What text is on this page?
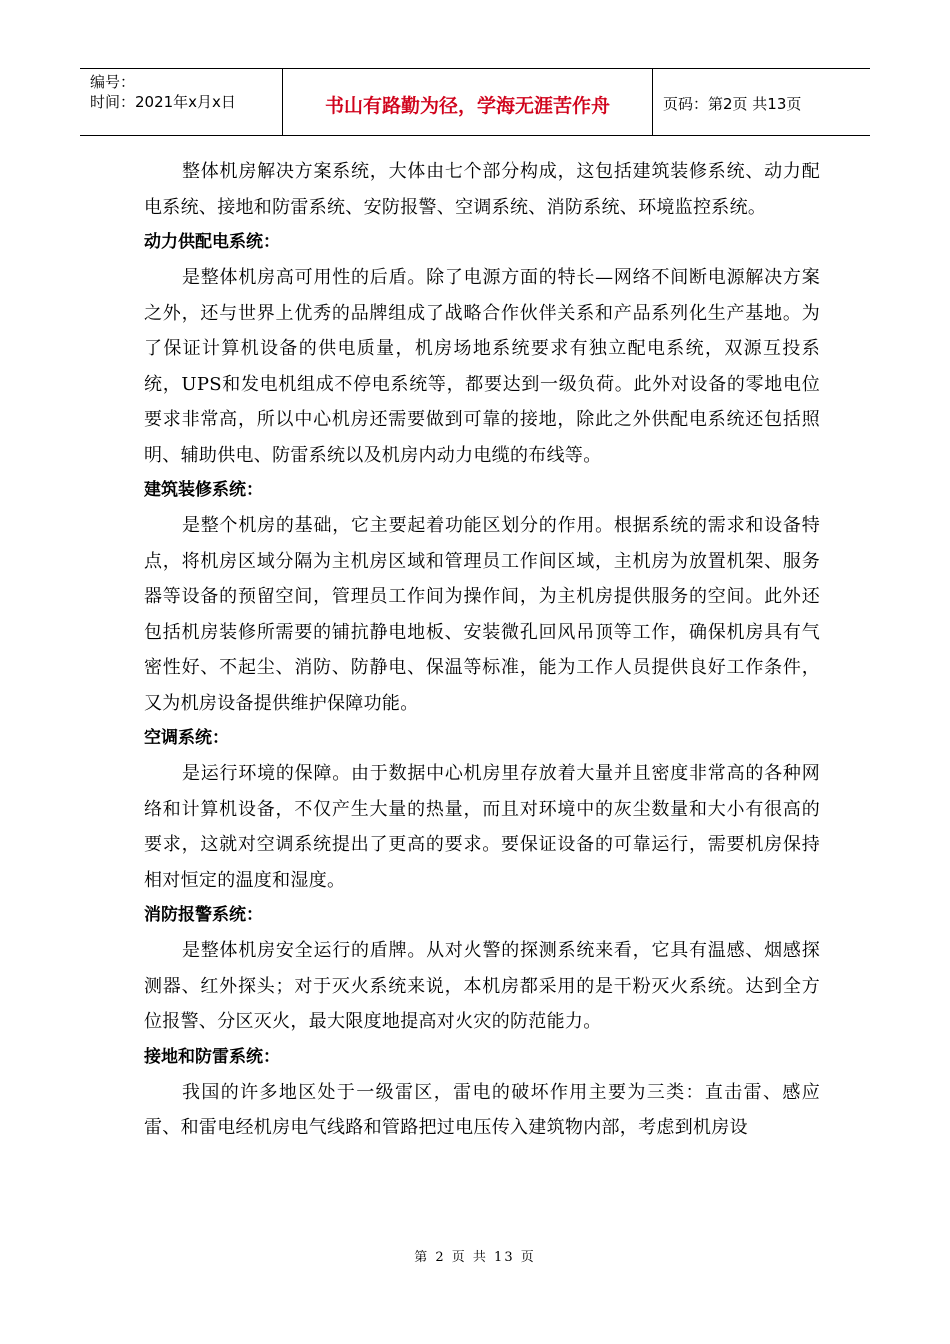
编号：
时间：2021年x月x日	书山有路勤为径，学海无涯苦作舟	页码：第2页 共13页

整体机房解决方案系统，大体由七个部分构成，这包括建筑装修系统、动力配电系统、接地和防雷系统、安防报警、空调系统、消防系统、环境监控系统。

动力供配电系统：

是整体机房高可用性的后盾。除了电源方面的特长—网络不间断电源解决方案之外，还与世界上优秀的品牌组成了战略合作伙伴关系和产品系列化生产基地。为了保证计算机设备的供电质量，机房场地系统要求有独立配电系统，双源互投系统，UPS和发电机组成不停电系统等，都要达到一级负荷。此外对设备的零地电位要求非常高，所以中心机房还需要做到可靠的接地，除此之外供配电系统还包括照明、辅助供电、防雷系统以及机房内动力电缆的布线等。

建筑装修系统：

是整个机房的基础，它主要起着功能区划分的作用。根据系统的需求和设备特点，将机房区域分隔为主机房区域和管理员工作间区域，主机房为放置机架、服务器等设备的预留空间，管理员工作间为操作间，为主机房提供服务的空间。此外还包括机房装修所需要的铺抗静电地板、安装微孔回风吊顶等工作，确保机房具有气密性好、不起尘、消防、防静电、保温等标准，能为工作人员提供良好工作条件，又为机房设备提供维护保障功能。

空调系统：

是运行环境的保障。由于数据中心机房里存放着大量并且密度非常高的各种网络和计算机设备，不仅产生大量的热量，而且对环境中的灰尘数量和大小有很高的要求，这就对空调系统提出了更高的要求。要保证设备的可靠运行，需要机房保持相对恒定的温度和湿度。

消防报警系统：

是整体机房安全运行的盾牌。从对火警的探测系统来看，它具有温感、烟感探测器、红外探头；对于灭火系统来说，本机房都采用的是干粉灭火系统。达到全方位报警、分区灭火，最大限度地提高对火灾的防范能力。

接地和防雷系统：

我国的许多地区处于一级雷区，雷电的破坏作用主要为三类：直击雷、感应雷、和雷电经机房电气线路和管路把过电压传入建筑物内部，考虑到机房设

第 2 页 共 13 页
